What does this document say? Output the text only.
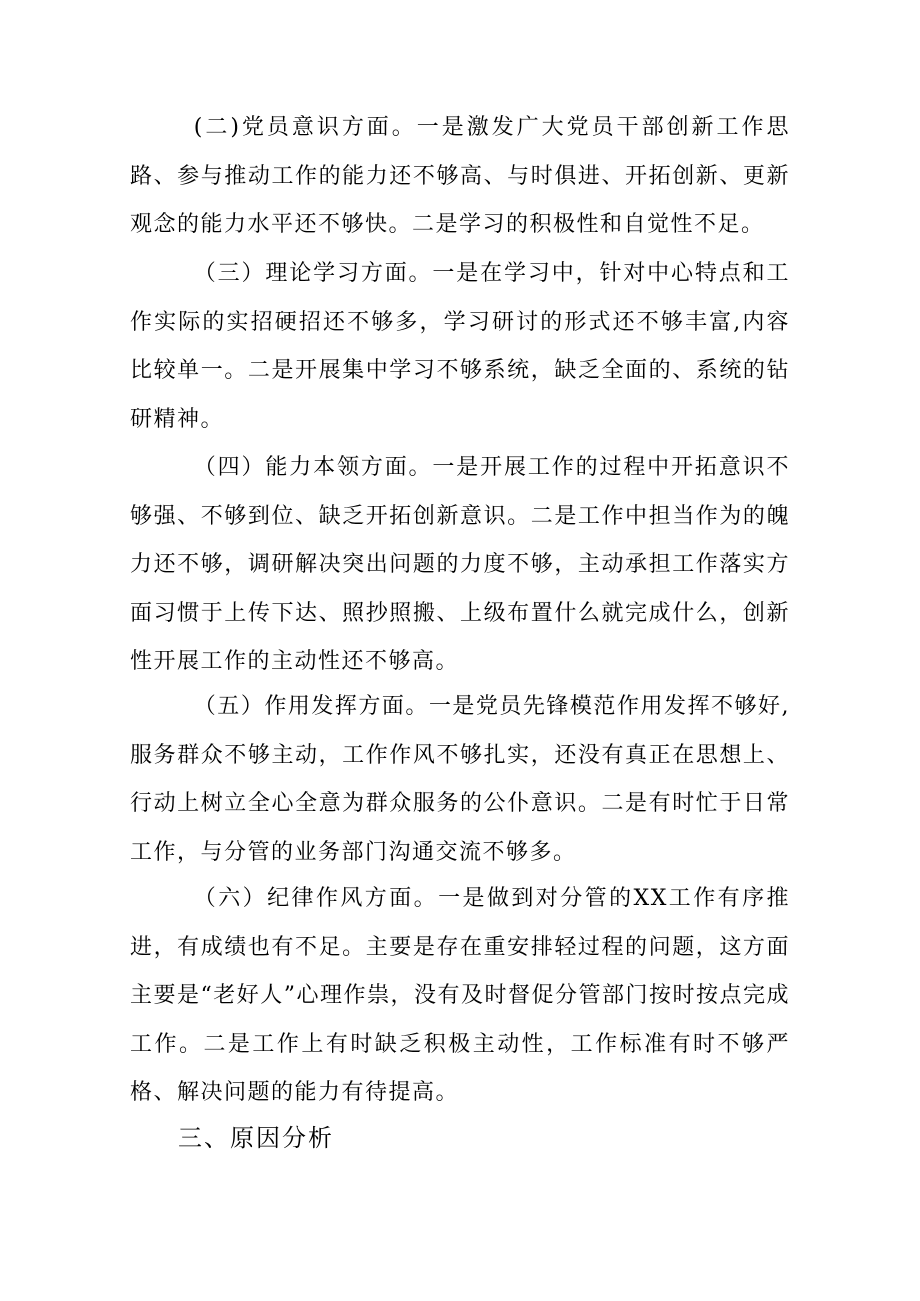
(二)党员意识方面。一是激发广大党员干部创新工作思路、参与推动工作的能力还不够高、与时俱进、开拓创新、更新观念的能力水平还不够快。二是学习的积极性和自觉性不足。

（三）理论学习方面。一是在学习中，针对中心特点和工作实际的实招硬招还不够多，学习研讨的形式还不够丰富,内容比较单一。二是开展集中学习不够系统，缺乏全面的、系统的钻研精神。

（四）能力本领方面。一是开展工作的过程中开拓意识不够强、不够到位、缺乏开拓创新意识。二是工作中担当作为的魄力还不够，调研解决突出问题的力度不够，主动承担工作落实方面习惯于上传下达、照抄照搬、上级布置什么就完成什么，创新性开展工作的主动性还不够高。

（五）作用发挥方面。一是党员先锋模范作用发挥不够好,服务群众不够主动，工作作风不够扎实，还没有真正在思想上、行动上树立全心全意为群众服务的公仆意识。二是有时忙于日常工作，与分管的业务部门沟通交流不够多。

（六）纪律作风方面。一是做到对分管的XX工作有序推进，有成绩也有不足。主要是存在重安排轻过程的问题，这方面主要是“老好人”心理作祟，没有及时督促分管部门按时按点完成工作。二是工作上有时缺乏积极主动性，工作标准有时不够严格、解决问题的能力有待提高。

三、原因分析
